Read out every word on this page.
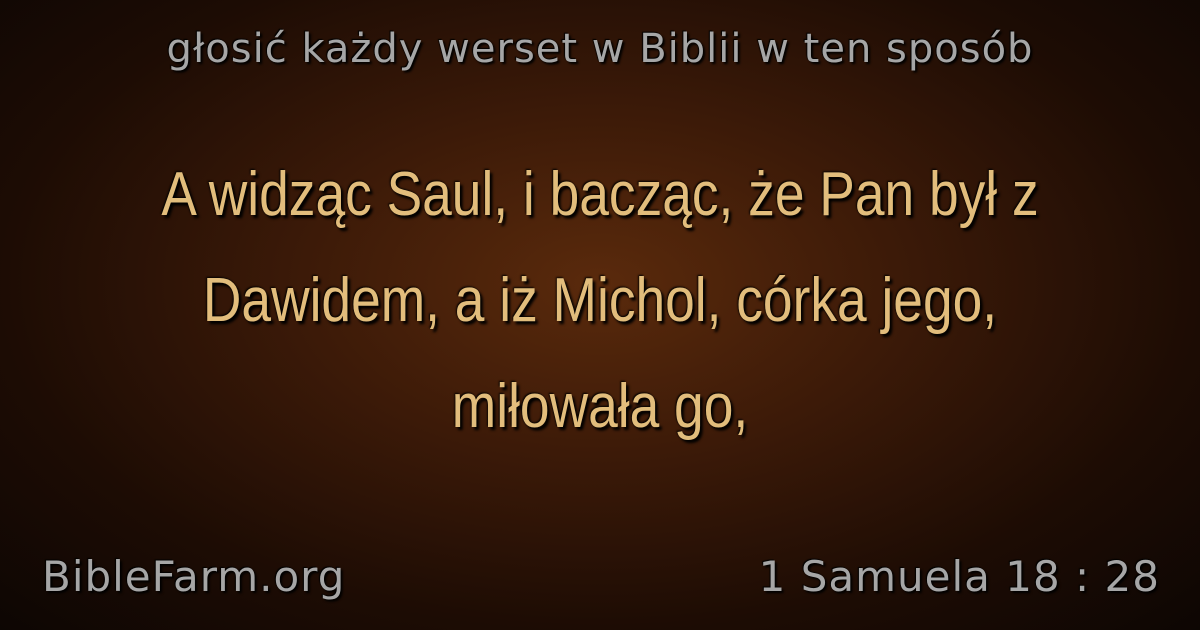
głosić każdy werset w Biblii w ten sposób
A widząc Saul, i bacząc, że Pan był z Dawidem, a iż Michol, córka jego, miłowała go,
BibleFarm.org	1 Samuela 18 : 28
